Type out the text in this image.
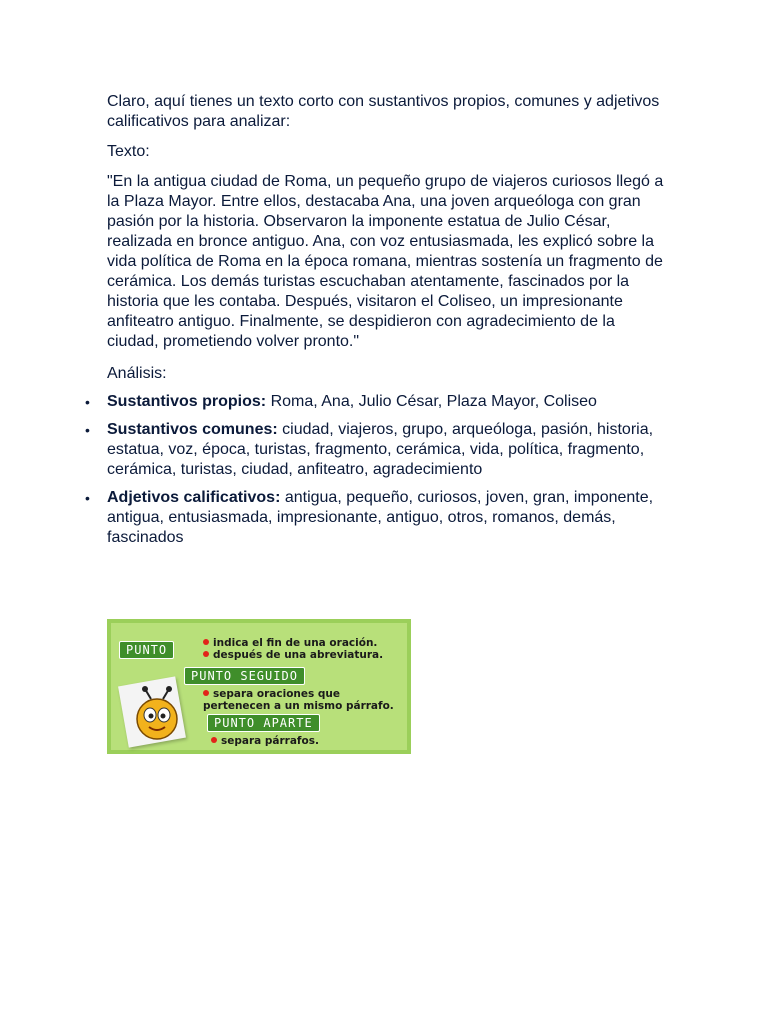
Claro, aquí tienes un texto corto con sustantivos propios, comunes y adjetivos calificativos para analizar:

Texto:

"En la antigua ciudad de Roma, un pequeño grupo de viajeros curiosos llegó a la Plaza Mayor. Entre ellos, destacaba Ana, una joven arqueóloga con gran pasión por la historia. Observaron la imponente estatua de Julio César, realizada en bronce antiguo. Ana, con voz entusiasmada, les explicó sobre la vida política de Roma en la época romana, mientras sostenía un fragmento de cerámica. Los demás turistas escuchaban atentamente, fascinados por la historia que les contaba. Después, visitaron el Coliseo, un impresionante anfiteatro antiguo. Finalmente, se despidieron con agradecimiento de la ciudad, prometiendo volver pronto."

Análisis:

• Sustantivos propios: Roma, Ana, Julio César, Plaza Mayor, Coliseo
• Sustantivos comunes: ciudad, viajeros, grupo, arqueóloga, pasión, historia, estatua, voz, época, turistas, fragmento, cerámica, vida, política, fragmento, cerámica, turistas, ciudad, anfiteatro, agradecimiento
• Adjetivos calificativos: antigua, pequeño, curiosos, joven, gran, imponente, antigua, entusiasmada, impresionante, antiguo, otros, romanos, demás, fascinados
PUNTO
PUNTO SEGUIDO
PUNTO APARTE
indica el fin de una oración.
después de una abreviatura.
separa oraciones que
pertenecen a un mismo párrafo.
separa párrafos.
